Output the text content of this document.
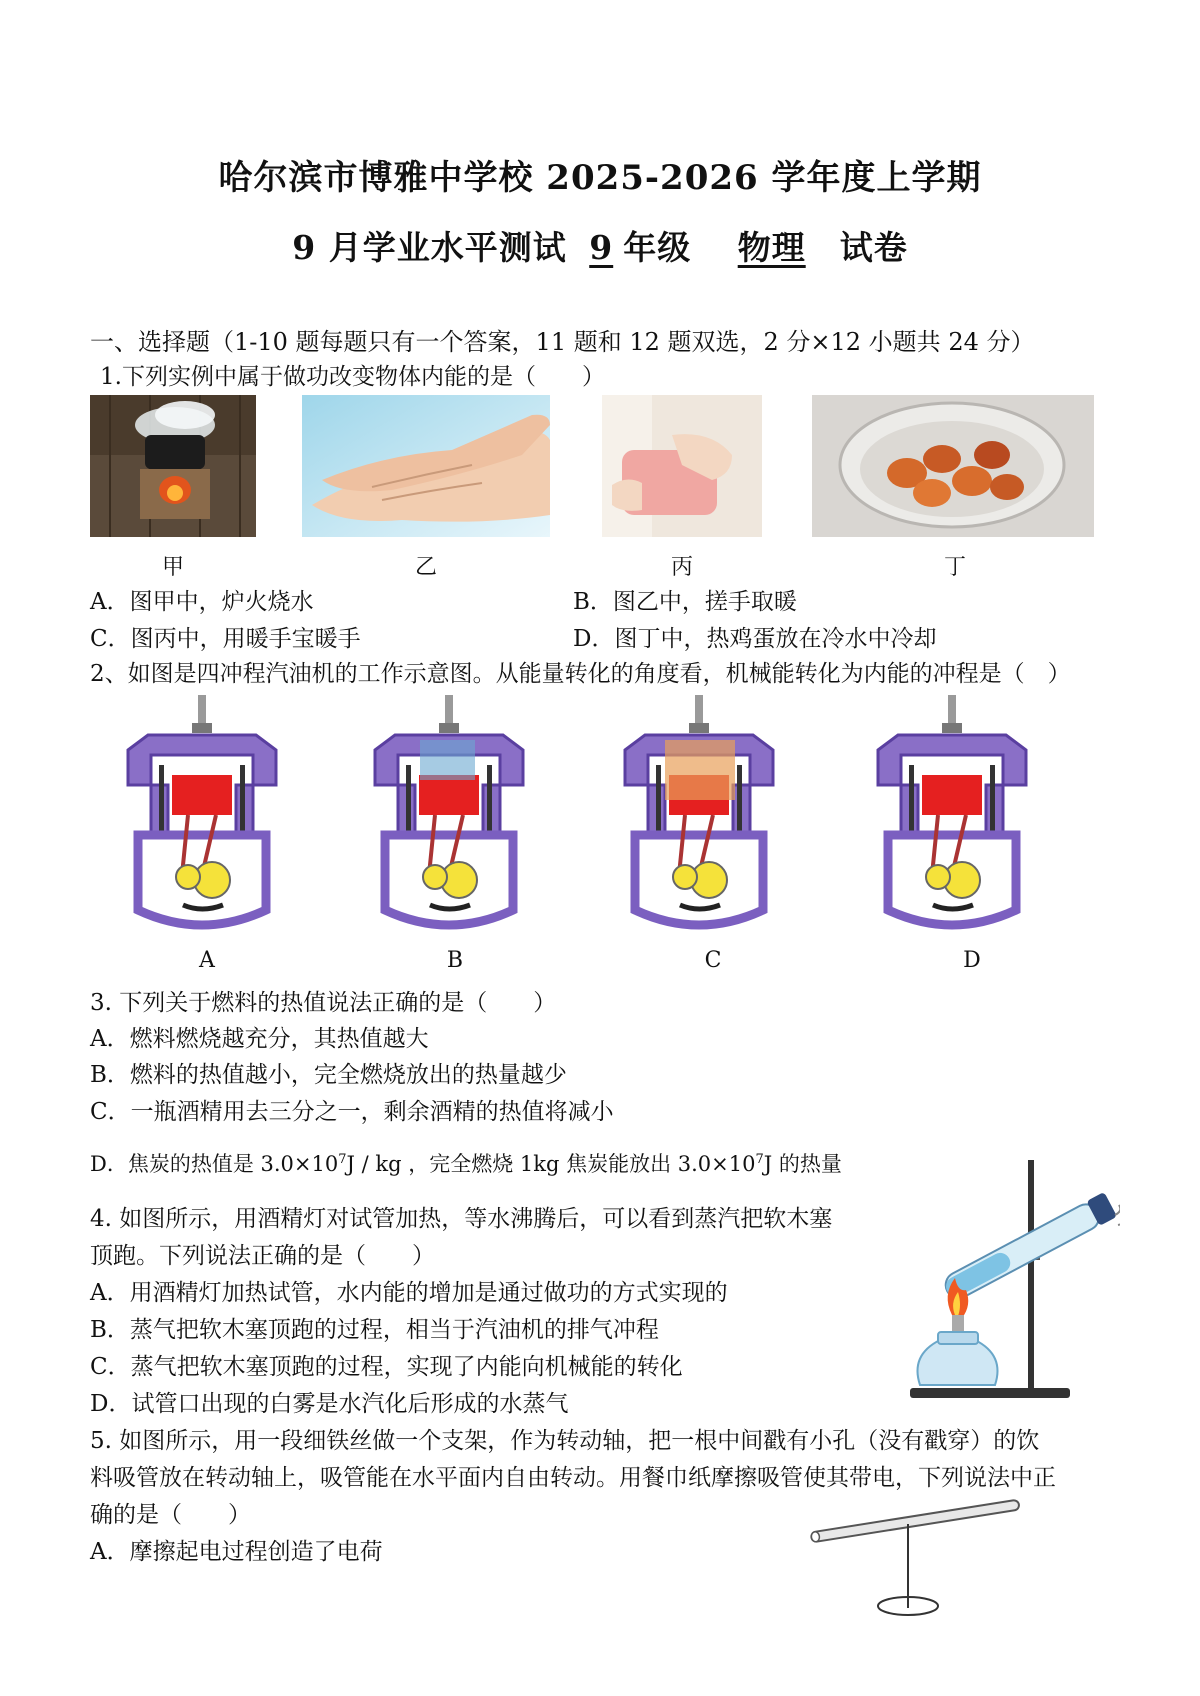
哈尔滨市博雅中学校 2025-2026 学年度上学期
9 月学业水平测试 9 年级 物理 试卷
一、选择题（1-10 题每题只有一个答案，11 题和 12 题双选，2 分×12 小题共 24 分）
1.下列实例中属于做功改变物体内能的是（　　）
甲	乙	丙	丁
A．图甲中，炉火烧水	B．图乙中，搓手取暖
C．图丙中，用暖手宝暖手	D．图丁中，热鸡蛋放在冷水中冷却
2、如图是四冲程汽油机的工作示意图。从能量转化的角度看，机械能转化为内能的冲程是（　）
A	B	C	D
3. 下列关于燃料的热值说法正确的是（　　）
A．燃料燃烧越充分，其热值越大
B．燃料的热值越小，完全燃烧放出的热量越少
C．一瓶酒精用去三分之一，剩余酒精的热值将减小
D．焦炭的热值是 $3.0\times 10^7J$ / kg ，完全燃烧 1kg 焦炭能放出 $3.0\times 10^7J$ 的热量
4. 如图所示，用酒精灯对试管加热，等水沸腾后，可以看到蒸汽把软木塞
顶跑。下列说法正确的是（　　）
A．用酒精灯加热试管，水内能的增加是通过做功的方式实现的
B．蒸气把软木塞顶跑的过程，相当于汽油机的排气冲程
C．蒸气把软木塞顶跑的过程，实现了内能向机械能的转化
D．试管口出现的白雾是水汽化后形成的水蒸气
5. 如图所示，用一段细铁丝做一个支架，作为转动轴，把一根中间戳有小孔（没有戳穿）的饮
料吸管放在转动轴上，吸管能在水平面内自由转动。用餐巾纸摩擦吸管使其带电，下列说法中正
确的是（　　）
A．摩擦起电过程创造了电荷
